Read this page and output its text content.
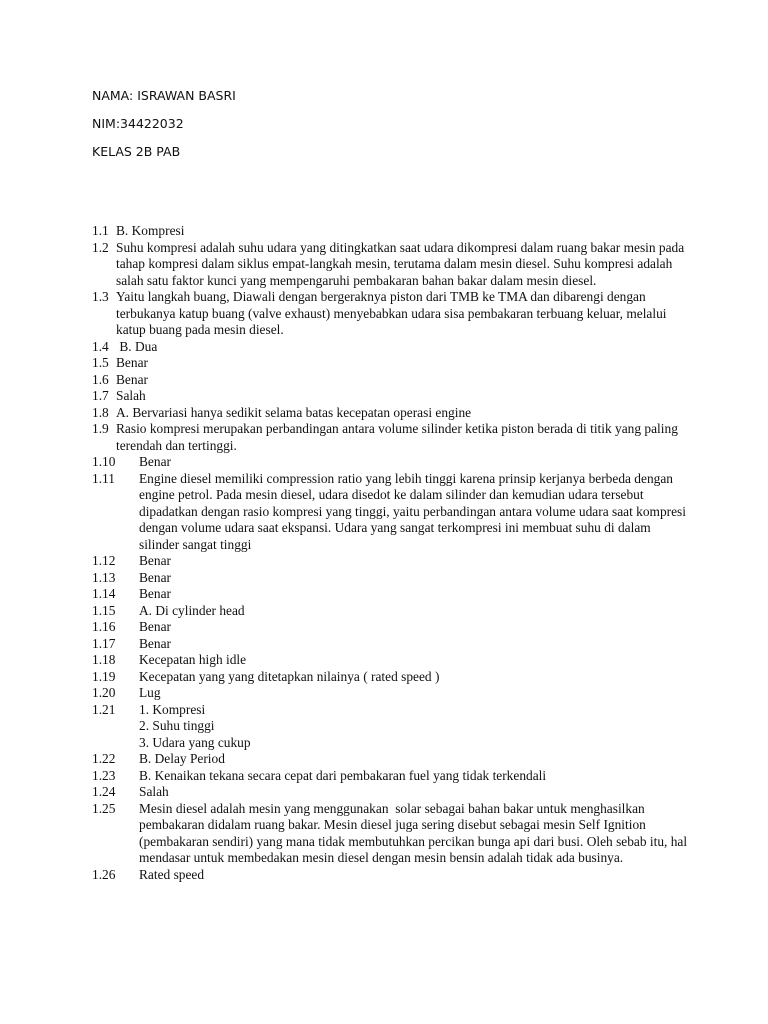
NAMA: ISRAWAN BASRI
NIM:34422032
KELAS 2B PAB
1.1 B. Kompresi
1.2 Suhu kompresi adalah suhu udara yang ditingkatkan saat udara dikompresi dalam ruang bakar mesin pada tahap kompresi dalam siklus empat-langkah mesin, terutama dalam mesin diesel. Suhu kompresi adalah salah satu faktor kunci yang mempengaruhi pembakaran bahan bakar dalam mesin diesel.
1.3 Yaitu langkah buang, Diawali dengan bergeraknya piston dari TMB ke TMA dan dibarengi dengan terbukanya katup buang (valve exhaust) menyebabkan udara sisa pembakaran terbuang keluar, melalui katup buang pada mesin diesel.
1.4 B. Dua
1.5 Benar
1.6 Benar
1.7 Salah
1.8 A. Bervariasi hanya sedikit selama batas kecepatan operasi engine
1.9 Rasio kompresi merupakan perbandingan antara volume silinder ketika piston berada di titik yang paling terendah dan tertinggi.
1.10	Benar
1.11	Engine diesel memiliki compression ratio yang lebih tinggi karena prinsip kerjanya berbeda dengan engine petrol. Pada mesin diesel, udara disedot ke dalam silinder dan kemudian udara tersebut dipadatkan dengan rasio kompresi yang tinggi, yaitu perbandingan antara volume udara saat kompresi dengan volume udara saat ekspansi. Udara yang sangat terkompresi ini membuat suhu di dalam silinder sangat tinggi
1.12	Benar
1.13	Benar
1.14	Benar
1.15	A. Di cylinder head
1.16	Benar
1.17	Benar
1.18	Kecepatan high idle
1.19	Kecepatan yang yang ditetapkan nilainya ( rated speed )
1.20	Lug
1.21	1. Kompresi
2. Suhu tinggi
3. Udara yang cukup
1.22	B. Delay Period
1.23	B. Kenaikan tekana secara cepat dari pembakaran fuel yang tidak terkendali
1.24	Salah
1.25	Mesin diesel adalah mesin yang menggunakan  solar sebagai bahan bakar untuk menghasilkan pembakaran didalam ruang bakar. Mesin diesel juga sering disebut sebagai mesin Self Ignition  (pembakaran sendiri) yang mana tidak membutuhkan percikan bunga api dari busi. Oleh sebab itu, hal mendasar untuk membedakan mesin diesel dengan mesin bensin adalah tidak ada businya.
1.26	Rated speed
